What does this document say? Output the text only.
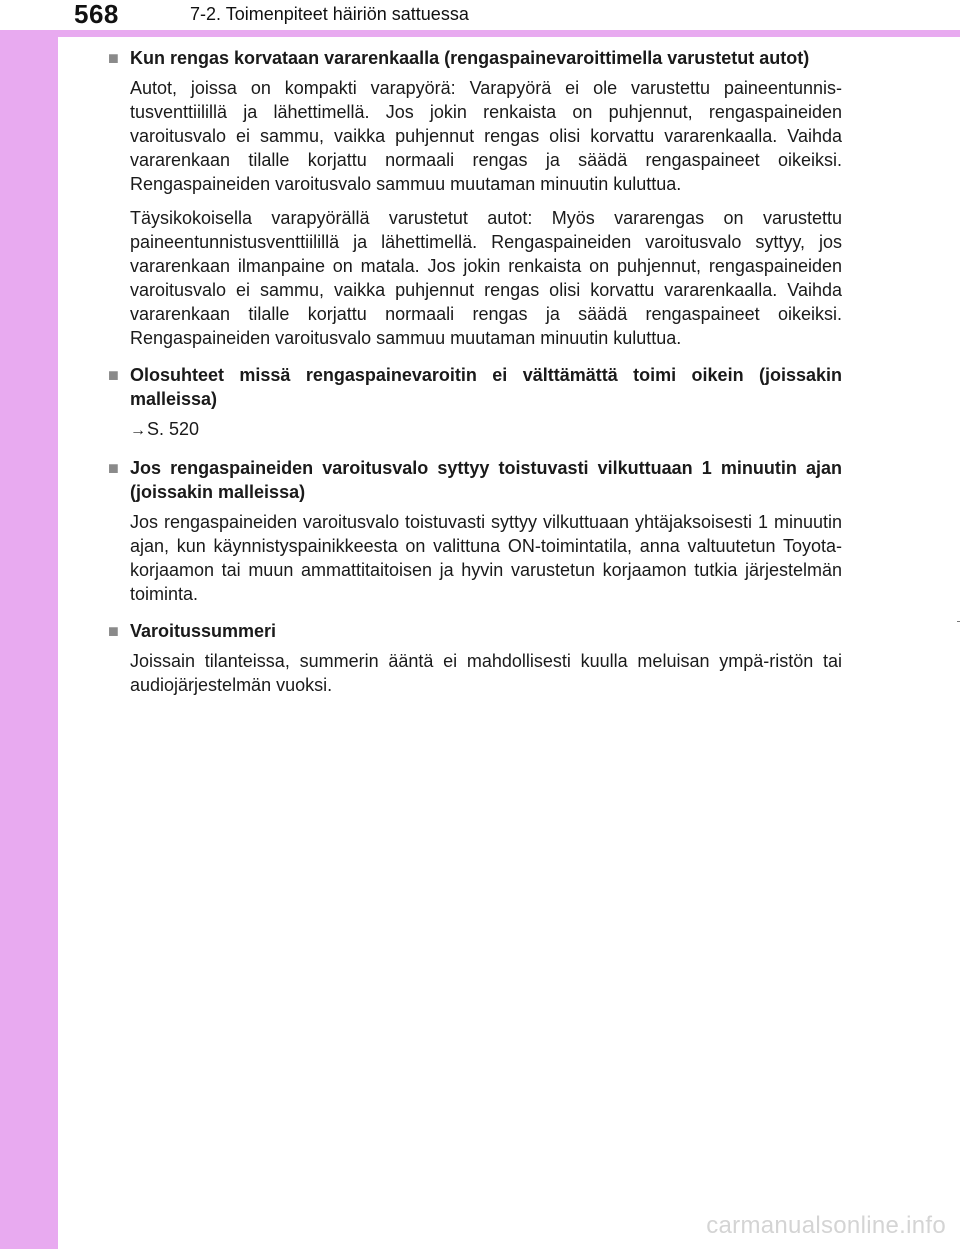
568	7-2. Toimenpiteet häiriön sattuessa
■ Kun rengas korvataan vararenkaalla (rengaspainevaroittimella varustetut autot)

Autot, joissa on kompakti varapyörä: Varapyörä ei ole varustettu paineentunnis-tusventtiilillä ja lähettimellä. Jos jokin renkaista on puhjennut, rengaspaineiden varoitusvalo ei sammu, vaikka puhjennut rengas olisi korvattu vararenkaalla. Vaihda vararenkaan tilalle korjattu normaali rengas ja säädä rengaspaineet oikeiksi. Rengaspaineiden varoitusvalo sammuu muutaman minuutin kuluttua.

Täysikokoisella varapyörällä varustetut autot: Myös vararengas on varustettu paineentunnistusventtiilillä ja lähettimellä. Rengaspaineiden varoitusvalo syttyy, jos vararenkaan ilmanpaine on matala. Jos jokin renkaista on puhjennut, rengaspaineiden varoitusvalo ei sammu, vaikka puhjennut rengas olisi korvattu vararenkaalla. Vaihda vararenkaan tilalle korjattu normaali rengas ja säädä rengaspaineet oikeiksi. Rengaspaineiden varoitusvalo sammuu muutaman minuutin kuluttua.

■ Olosuhteet missä rengaspainevaroitin ei välttämättä toimi oikein (joissakin malleissa)
→S. 520
■ Jos rengaspaineiden varoitusvalo syttyy toistuvasti vilkuttuaan 1 minuutin ajan (joissakin malleissa)

Jos rengaspaineiden varoitusvalo toistuvasti syttyy vilkuttuaan yhtäjaksoisesti 1 minuutin ajan, kun käynnistyspainikkeesta on valittuna ON-toimintatila, anna valtuutetun Toyota-korjaamon tai muun ammattitaitoisen ja hyvin varustetun korjaamon tutkia järjestelmän toiminta.

■ Varoitussummeri

Joissain tilanteissa, summerin ääntä ei mahdollisesti kuulla meluisan ympä-ristön tai audiojärjestelmän vuoksi.

carmanualsonline.info
